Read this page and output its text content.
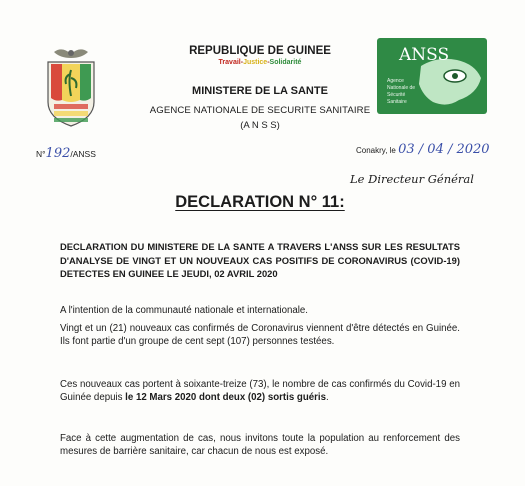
REPUBLIQUE DE GUINEE
Travail-Justice-Solidarité
MINISTERE DE LA SANTE
AGENCE NATIONALE DE SECURITE SANITAIRE
(A N S S)
ANSS
Agence
Nationale de
Sécurité
Sanitaire
N°192/ANSS	Conakry, le 03 / 04 / 2020
Le Directeur Général
DECLARATION N° 11:
DECLARATION DU MINISTERE DE LA SANTE A TRAVERS L'ANSS SUR LES RESULTATS D'ANALYSE DE VINGT ET UN NOUVEAUX CAS POSITIFS DE CORONAVIRUS (COVID-19) DETECTES EN GUINEE LE JEUDI, 02 AVRIL 2020
A l'intention de la communauté nationale et internationale.
Vingt et un (21) nouveaux cas confirmés de Coronavirus viennent d'être détectés en Guinée. Ils font partie d'un groupe de cent sept (107) personnes testées.
Ces nouveaux cas portent à soixante-treize (73), le nombre de cas confirmés du Covid-19 en Guinée depuis le 12 Mars 2020 dont deux (02) sortis guéris.
Face à cette augmentation de cas, nous invitons toute la population au renforcement des mesures de barrière sanitaire, car chacun de nous est exposé.
